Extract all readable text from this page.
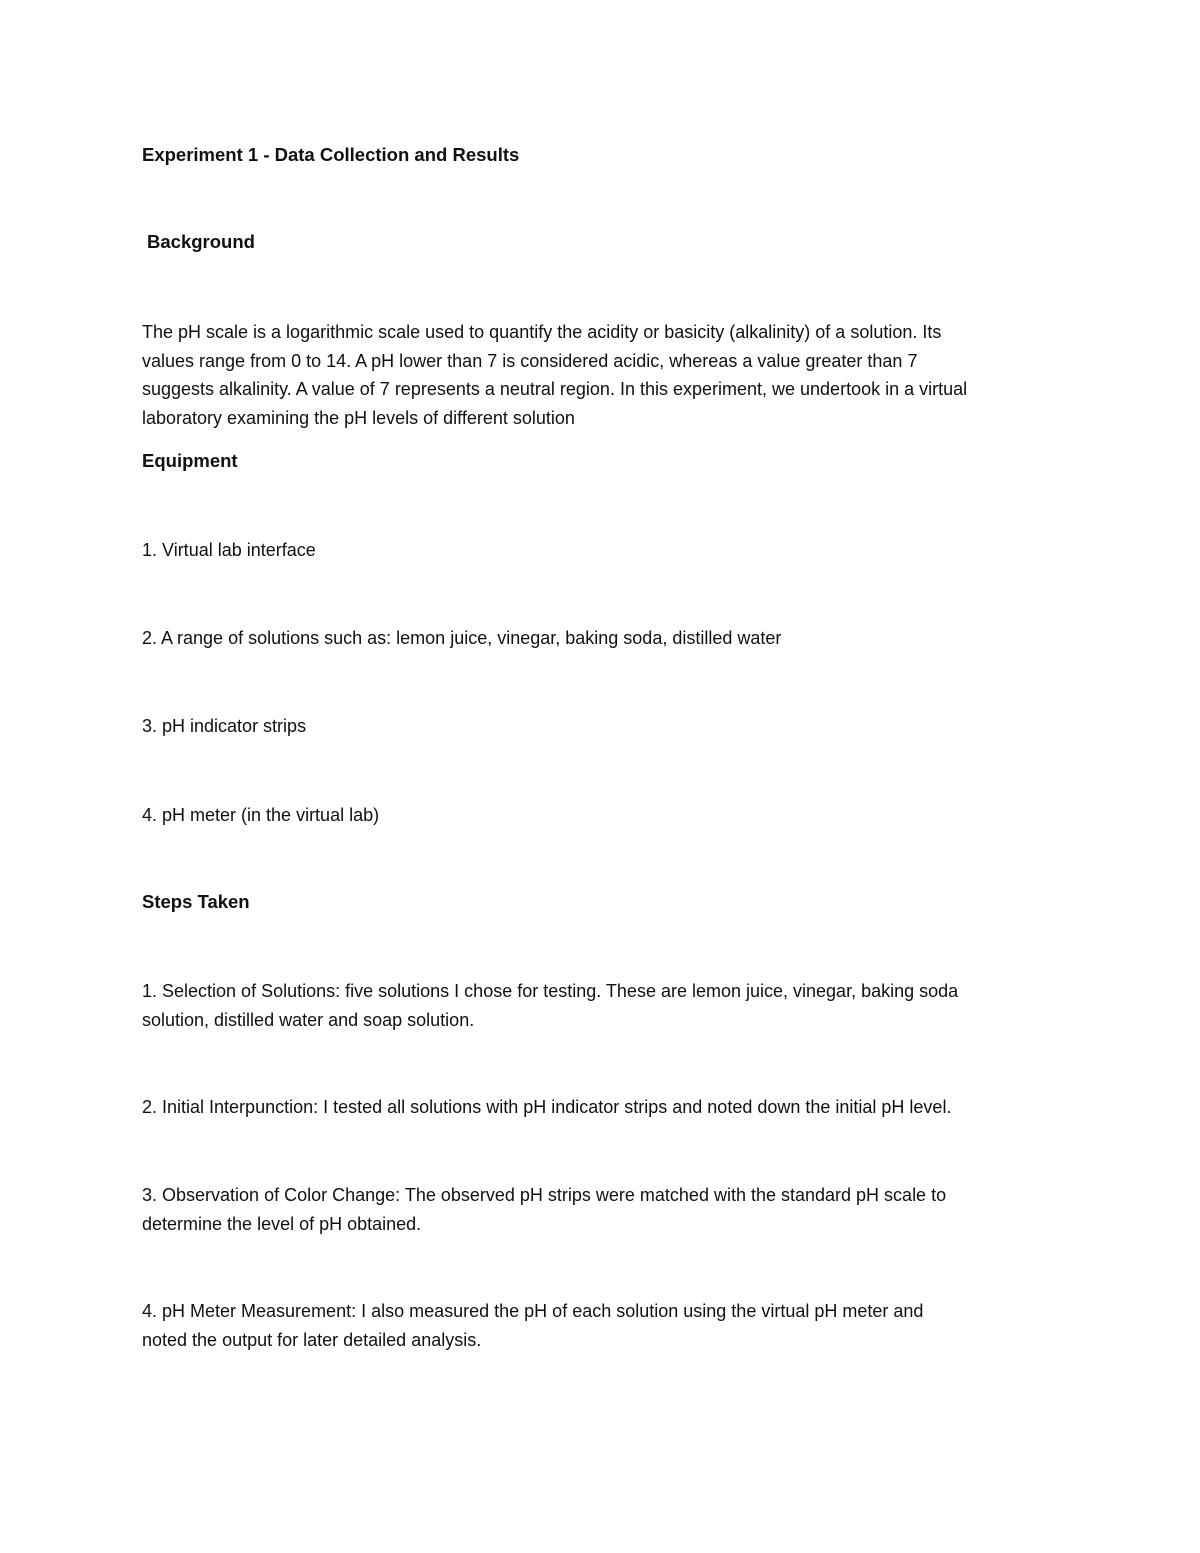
Experiment 1 - Data Collection and Results
Background
The pH scale is a logarithmic scale used to quantify the acidity or basicity (alkalinity) of a solution. Its
values range from 0 to 14. A pH lower than 7 is considered acidic, whereas a value greater than 7
suggests alkalinity. A value of 7 represents a neutral region. In this experiment, we undertook in a virtual
laboratory examining the pH levels of different solution
Equipment
1. Virtual lab interface
2. A range of solutions such as: lemon juice, vinegar, baking soda, distilled water
3. pH indicator strips
4. pH meter (in the virtual lab)
Steps Taken
1. Selection of Solutions: five solutions I chose for testing. These are lemon juice, vinegar, baking soda
solution, distilled water and soap solution.
2. Initial Interpunction: I tested all solutions with pH indicator strips and noted down the initial pH level.
3. Observation of Color Change: The observed pH strips were matched with the standard pH scale to
determine the level of pH obtained.
4. pH Meter Measurement: I also measured the pH of each solution using the virtual pH meter and
noted the output for later detailed analysis.
